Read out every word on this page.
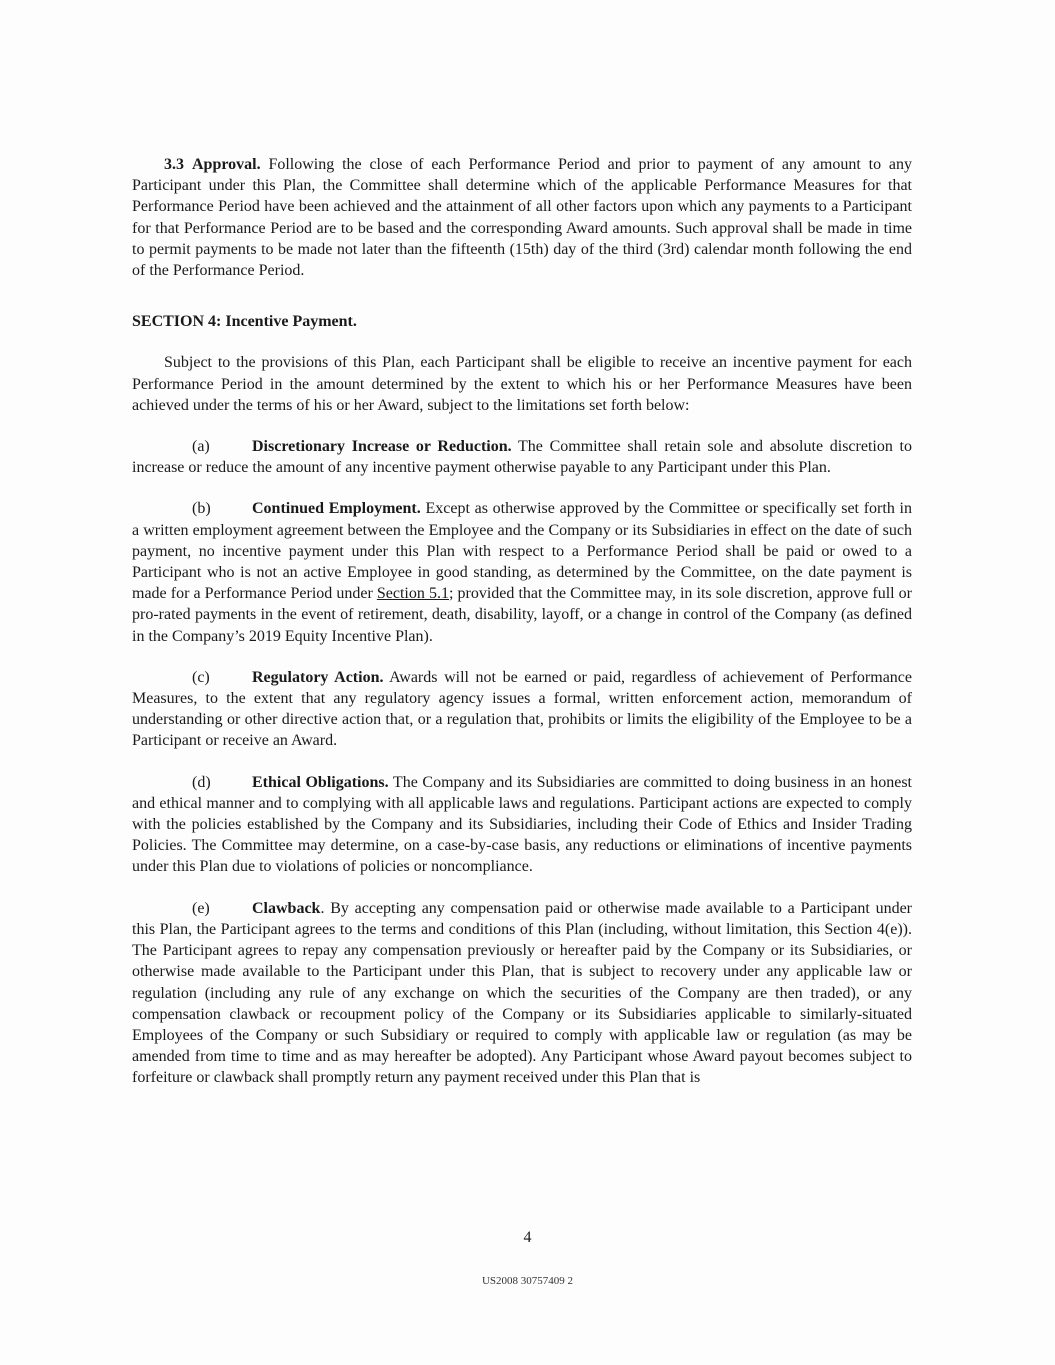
3.3 Approval. Following the close of each Performance Period and prior to payment of any amount to any Participant under this Plan, the Committee shall determine which of the applicable Performance Measures for that Performance Period have been achieved and the attainment of all other factors upon which any payments to a Participant for that Performance Period are to be based and the corresponding Award amounts. Such approval shall be made in time to permit payments to be made not later than the fifteenth (15th) day of the third (3rd) calendar month following the end of the Performance Period.

SECTION 4: Incentive Payment.

Subject to the provisions of this Plan, each Participant shall be eligible to receive an incentive payment for each Performance Period in the amount determined by the extent to which his or her Performance Measures have been achieved under the terms of his or her Award, subject to the limitations set forth below:

(a)	Discretionary Increase or Reduction. The Committee shall retain sole and absolute discretion to increase or reduce the amount of any incentive payment otherwise payable to any Participant under this Plan.

(b)	Continued Employment. Except as otherwise approved by the Committee or specifically set forth in a written employment agreement between the Employee and the Company or its Subsidiaries in effect on the date of such payment, no incentive payment under this Plan with respect to a Performance Period shall be paid or owed to a Participant who is not an active Employee in good standing, as determined by the Committee, on the date payment is made for a Performance Period under Section 5.1; provided that the Committee may, in its sole discretion, approve full or pro-rated payments in the event of retirement, death, disability, layoff, or a change in control of the Company (as defined in the Company’s 2019 Equity Incentive Plan).

(c)	Regulatory Action. Awards will not be earned or paid, regardless of achievement of Performance Measures, to the extent that any regulatory agency issues a formal, written enforcement action, memorandum of understanding or other directive action that, or a regulation that, prohibits or limits the eligibility of the Employee to be a Participant or receive an Award.

(d)	Ethical Obligations. The Company and its Subsidiaries are committed to doing business in an honest and ethical manner and to complying with all applicable laws and regulations. Participant actions are expected to comply with the policies established by the Company and its Subsidiaries, including their Code of Ethics and Insider Trading Policies. The Committee may determine, on a case-by-case basis, any reductions or eliminations of incentive payments under this Plan due to violations of policies or noncompliance.

(e)	Clawback. By accepting any compensation paid or otherwise made available to a Participant under this Plan, the Participant agrees to the terms and conditions of this Plan (including, without limitation, this Section 4(e)). The Participant agrees to repay any compensation previously or hereafter paid by the Company or its Subsidiaries, or otherwise made available to the Participant under this Plan, that is subject to recovery under any applicable law or regulation (including any rule of any exchange on which the securities of the Company are then traded), or any compensation clawback or recoupment policy of the Company or its Subsidiaries applicable to similarly-situated Employees of the Company or such Subsidiary or required to comply with applicable law or regulation (as may be amended from time to time and as may hereafter be adopted). Any Participant whose Award payout becomes subject to forfeiture or clawback shall promptly return any payment received under this Plan that is

4
US2008 30757409 2
